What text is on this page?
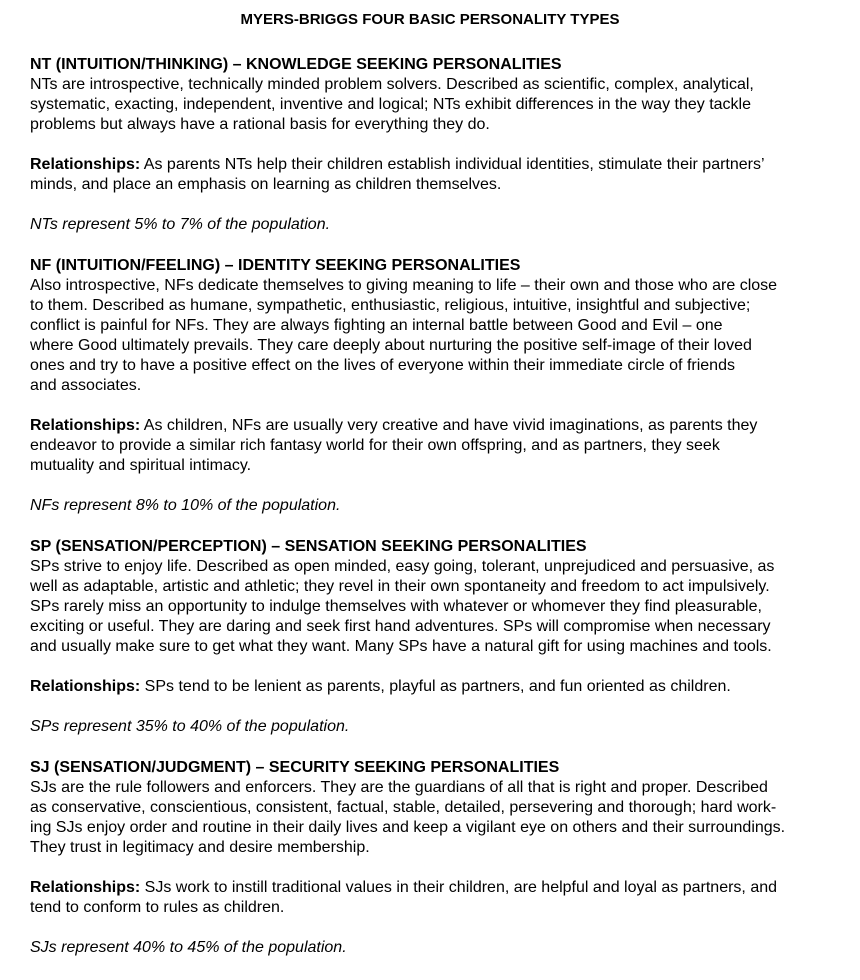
MYERS-BRIGGS FOUR BASIC PERSONALITY TYPES
NT (INTUITION/THINKING) – KNOWLEDGE SEEKING PERSONALITIES

NTs are introspective, technically minded problem solvers. Described as scientific, complex, analytical,

systematic, exacting, independent, inventive and logical; NTs exhibit differences in the way they tackle

problems but always have a rational basis for everything they do.

Relationships: As parents NTs help their children establish individual identities, stimulate their partners’

minds, and place an emphasis on learning as children themselves.

NTs represent 5% to 7% of the population.

NF (INTUITION/FEELING) – IDENTITY SEEKING PERSONALITIES

Also introspective, NFs dedicate themselves to giving meaning to life – their own and those who are close

to them. Described as humane, sympathetic, enthusiastic, religious, intuitive, insightful and subjective;

conflict is painful for NFs. They are always fighting an internal battle between Good and Evil – one

where Good ultimately prevails. They care deeply about nurturing the positive self-image of their loved

ones and try to have a positive effect on the lives of everyone within their immediate circle of friends

and associates.

Relationships: As children, NFs are usually very creative and have vivid imaginations, as parents they

endeavor to provide a similar rich fantasy world for their own offspring, and as partners, they seek

mutuality and spiritual intimacy.

NFs represent 8% to 10% of the population.

SP (SENSATION/PERCEPTION) – SENSATION SEEKING PERSONALITIES

SPs strive to enjoy life. Described as open minded, easy going, tolerant, unprejudiced and persuasive, as

well as adaptable, artistic and athletic; they revel in their own spontaneity and freedom to act impulsively.

SPs rarely miss an opportunity to indulge themselves with whatever or whomever they find pleasurable,

exciting or useful. They are daring and seek first hand adventures. SPs will compromise when necessary

and usually make sure to get what they want. Many SPs have a natural gift for using machines and tools.

Relationships: SPs tend to be lenient as parents, playful as partners, and fun oriented as children.

SPs represent 35% to 40% of the population.

SJ (SENSATION/JUDGMENT) – SECURITY SEEKING PERSONALITIES

SJs are the rule followers and enforcers. They are the guardians of all that is right and proper. Described

as conservative, conscientious, consistent, factual, stable, detailed, persevering and thorough; hard work-

ing SJs enjoy order and routine in their daily lives and keep a vigilant eye on others and their surroundings.

They trust in legitimacy and desire membership.

Relationships: SJs work to instill traditional values in their children, are helpful and loyal as partners, and

tend to conform to rules as children.

SJs represent 40% to 45% of the population.
